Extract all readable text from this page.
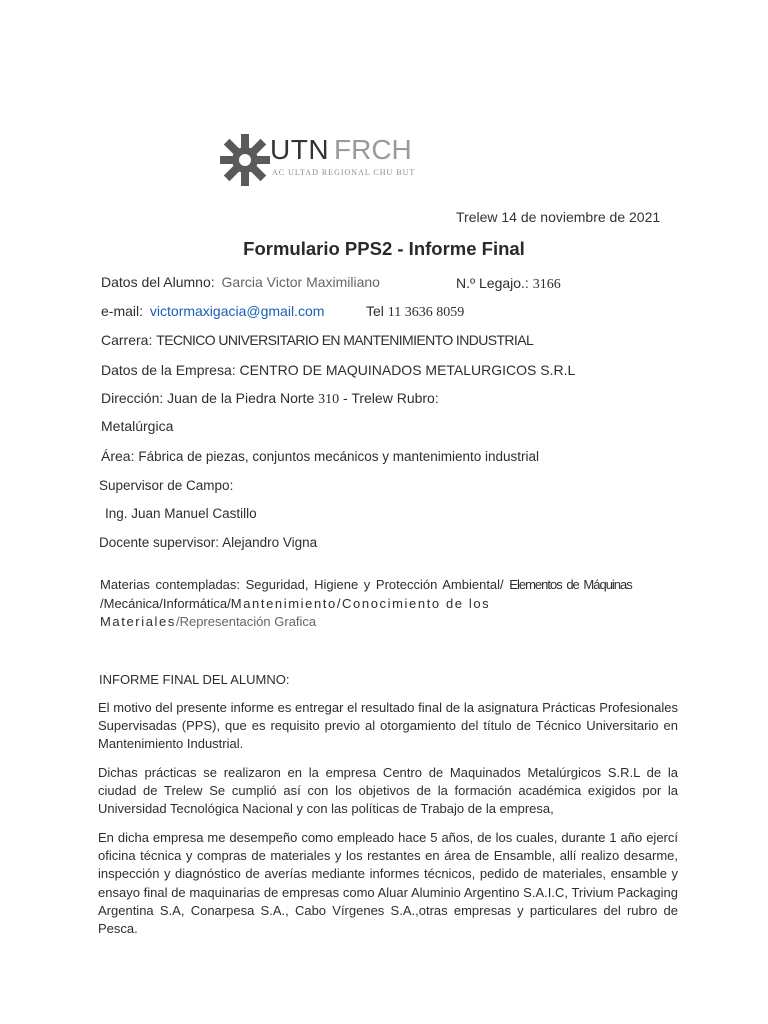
UTN FRCH
AC ULTAD REGIONAL CHU BUT
Trelew 14 de noviembre de 2021
Formulario PPS2 - Informe Final
Datos del Alumno: Garcia Victor Maximiliano	N.º Legajo.: 3166
e-mail: victormaxigacia@gmail.com	Tel 11 3636 8059
Carrera: TECNICO UNIVERSITARIO EN MANTENIMIENTO INDUSTRIAL
Datos de la Empresa: CENTRO DE MAQUINADOS METALURGICOS S.R.L
Dirección: Juan de la Piedra Norte 310 - Trelew Rubro:
Metalúrgica
Área: Fábrica de piezas, conjuntos mecánicos y mantenimiento industrial
Supervisor de Campo:
Ing. Juan Manuel Castillo
Docente supervisor: Alejandro Vigna
Materias contempladas: Seguridad, Higiene y Protección Ambiental/ Elementos de Máquinas
/Mecánica/Informática/Mantenimiento/Conocimiento de los
Materiales/Representación Grafica
INFORME FINAL DEL ALUMNO:

El motivo del presente informe es entregar el resultado final de la asignatura Prácticas Profesionales Supervisadas (PPS), que es requisito previo al otorgamiento del título de Técnico Universitario en Mantenimiento Industrial.

Dichas prácticas se realizaron en la empresa Centro de Maquinados Metalúrgicos S.R.L de la ciudad de Trelew Se cumplió así con los objetivos de la formación académica exigidos por la Universidad Tecnológica Nacional y con las políticas de Trabajo de la empresa,

En dicha empresa me desempeño como empleado hace 5 años, de los cuales, durante 1 año ejercí oficina técnica y compras de materiales y los restantes en área de Ensamble, allí realizo desarme, inspección y diagnóstico de averías mediante informes técnicos, pedido de materiales, ensamble y ensayo final de maquinarias de empresas como Aluar Aluminio Argentino S.A.I.C, Trivium Packaging Argentina S.A, Conarpesa S.A., Cabo Vírgenes S.A.,otras empresas y particulares del rubro de Pesca.
